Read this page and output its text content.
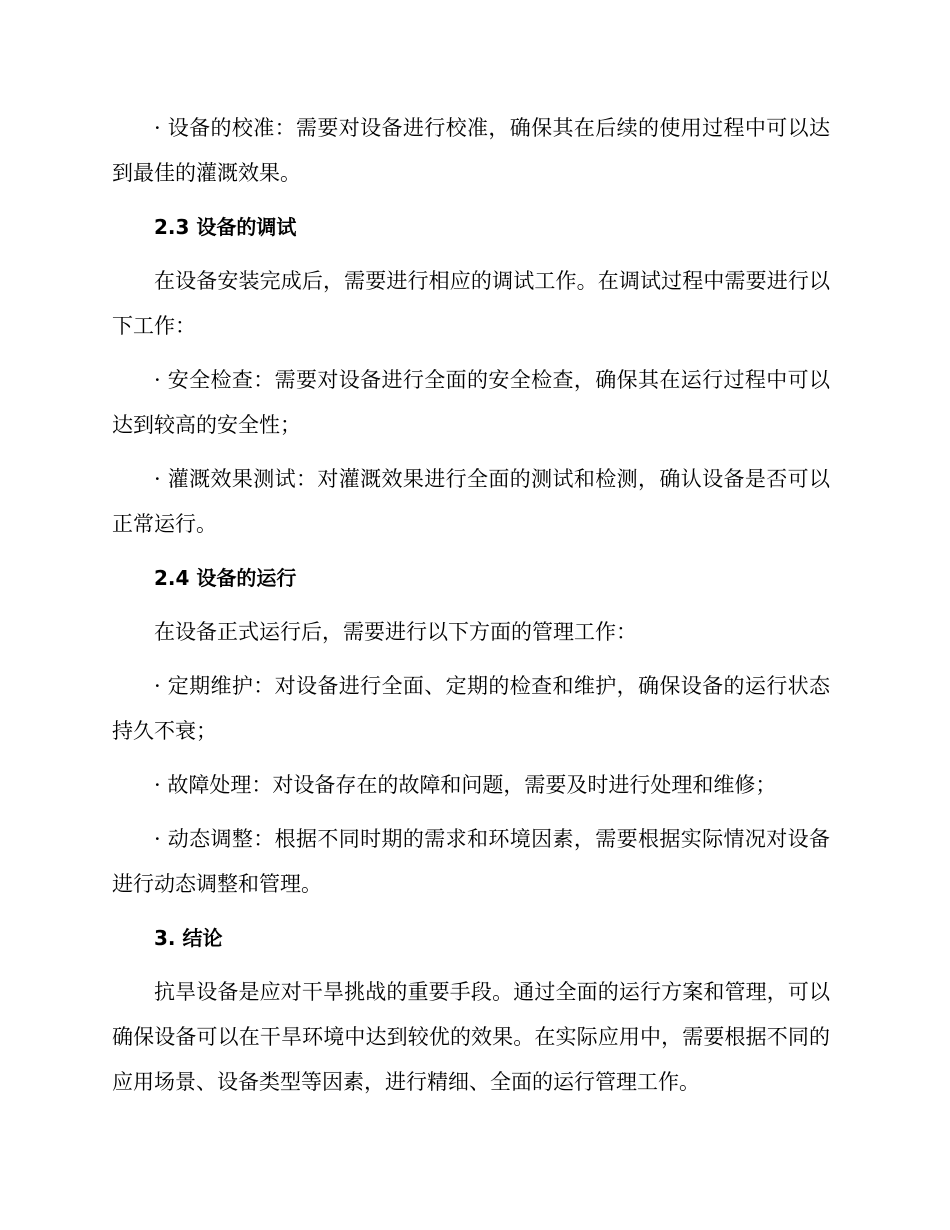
· 设备的校准：需要对设备进行校准，确保其在后续的使用过程中可以达到最佳的灌溉效果。

2.3 设备的调试

在设备安装完成后，需要进行相应的调试工作。在调试过程中需要进行以下工作：

· 安全检查：需要对设备进行全面的安全检查，确保其在运行过程中可以达到较高的安全性；

· 灌溉效果测试：对灌溉效果进行全面的测试和检测，确认设备是否可以正常运行。

2.4 设备的运行

在设备正式运行后，需要进行以下方面的管理工作：

· 定期维护：对设备进行全面、定期的检查和维护，确保设备的运行状态持久不衰；

· 故障处理：对设备存在的故障和问题，需要及时进行处理和维修；

· 动态调整：根据不同时期的需求和环境因素，需要根据实际情况对设备进行动态调整和管理。

3. 结论

抗旱设备是应对干旱挑战的重要手段。通过全面的运行方案和管理，可以确保设备可以在干旱环境中达到较优的效果。在实际应用中，需要根据不同的应用场景、设备类型等因素，进行精细、全面的运行管理工作。
